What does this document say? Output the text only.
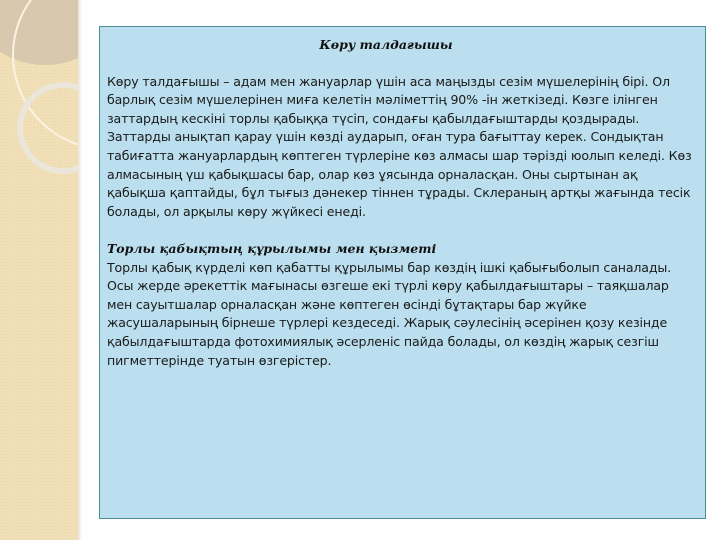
Көру талдағышы

Көру талдағышы – адам мен жануарлар үшін аса маңызды сезім мүшелерінің бірі. Ол барлық сезім мүшелерінен миға келетін мәліметтің 90% -ін жеткізеді. Көзге ілінген заттардың кескіні торлы қабыққа түсіп, сондағы қабылдағыштарды қоздырады. Заттарды анықтап қарау үшін көзді аударып, оған тура бағыттау керек. Сондықтан табиғатта жануарлардың көптеген түрлеріне көз алмасы шар тәрізді юолып келеді. Көз алмасының үш қабықшасы бар, олар көз ұясында орналасқан. Оны сыртынан ақ қабықша қаптайды, бұл тығыз дәнекер тіннен тұрады. Склераның артқы жағында тесік болады, ол арқылы көру жүйкесі енеді.

Торлы қабықтың құрылымы мен қызметі

Торлы қабық күрделі көп қабатты құрылымы бар көздің ішкі қабығыболып саналады. Осы жерде әрекеттік мағынасы өзгеше екі түрлі көру қабылдағыштары – таяқшалар мен сауытшалар орналасқан және көптеген өсінді бұтақтары бар жүйке жасушаларының бірнеше түрлері кездеседі. Жарық сәулесінің әсерінен қозу кезінде қабылдағыштарда фотохимиялық әсерленіс пайда болады, ол көздің жарық сезгіш пигметтерінде туатын өзгерістер.
